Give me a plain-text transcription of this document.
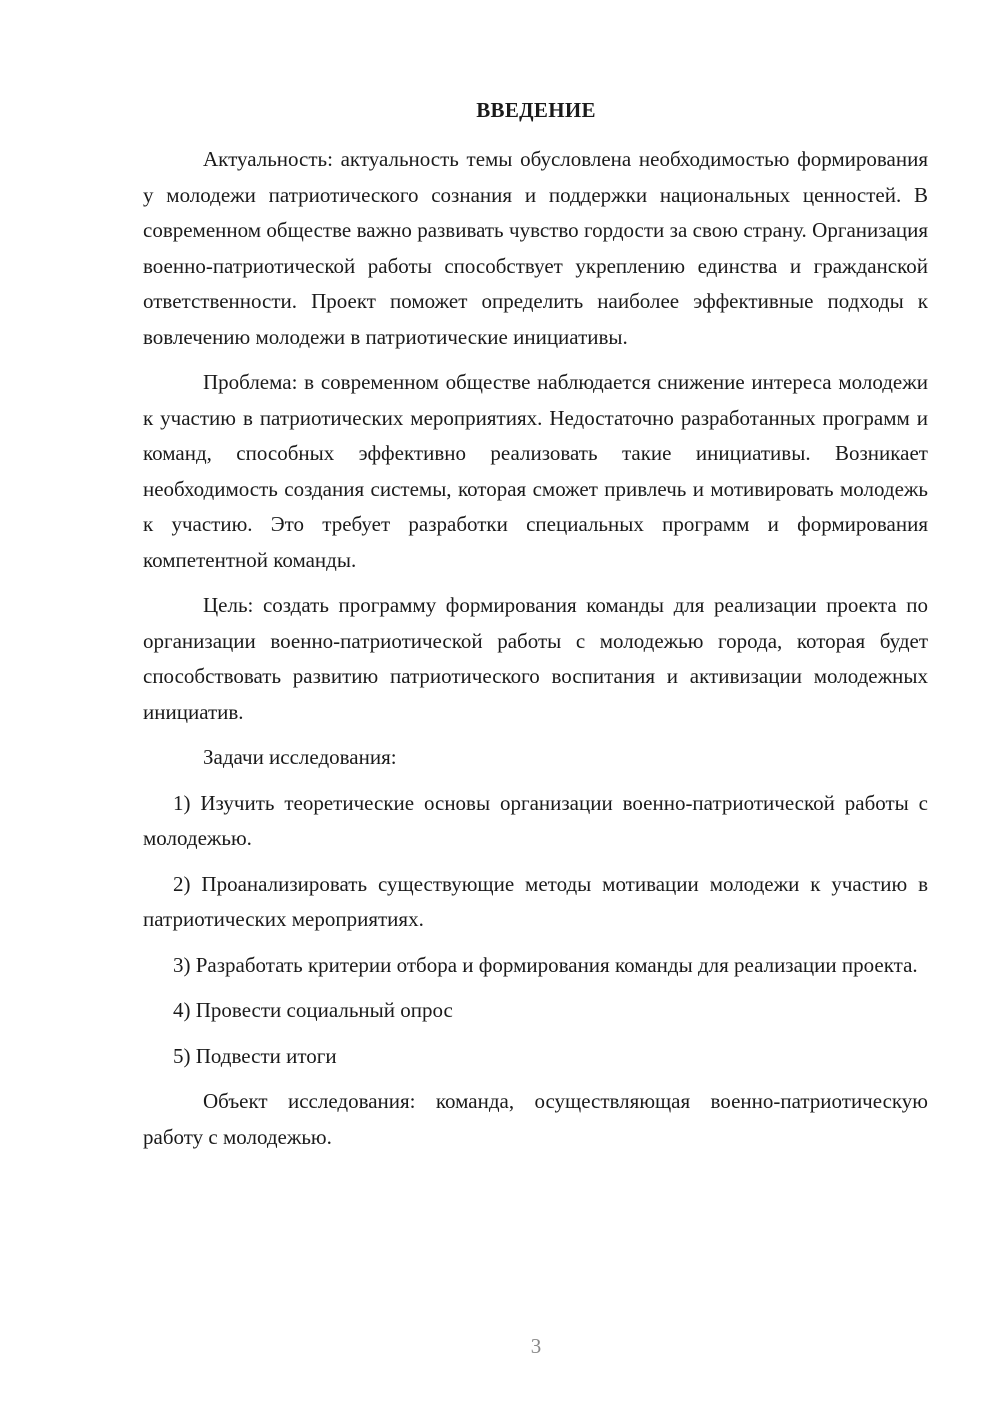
ВВЕДЕНИЕ

Актуальность: актуальность темы обусловлена необходимостью формирования у молодежи патриотического сознания и поддержки национальных ценностей. В современном обществе важно развивать чувство гордости за свою страну. Организация военно-патриотической работы способствует укреплению единства и гражданской ответственности. Проект поможет определить наиболее эффективные подходы к вовлечению молодежи в патриотические инициативы.

Проблема: в современном обществе наблюдается снижение интереса молодежи к участию в патриотических мероприятиях. Недостаточно разработанных программ и команд, способных эффективно реализовать такие инициативы. Возникает необходимость создания системы, которая сможет привлечь и мотивировать молодежь к участию. Это требует разработки специальных программ и формирования компетентной команды.

Цель: создать программу формирования команды для реализации проекта по организации военно-патриотической работы с молодежью города, которая будет способствовать развитию патриотического воспитания и активизации молодежных инициатив.

Задачи исследования:

1) Изучить теоретические основы организации военно-патриотической работы с молодежью.

2) Проанализировать существующие методы мотивации молодежи к участию в патриотических мероприятиях.

3) Разработать критерии отбора и формирования команды для реализации проекта.

4) Провести социальный опрос

5) Подвести итоги

Объект исследования: команда, осуществляющая военно-патриотическую работу с молодежью.

3
